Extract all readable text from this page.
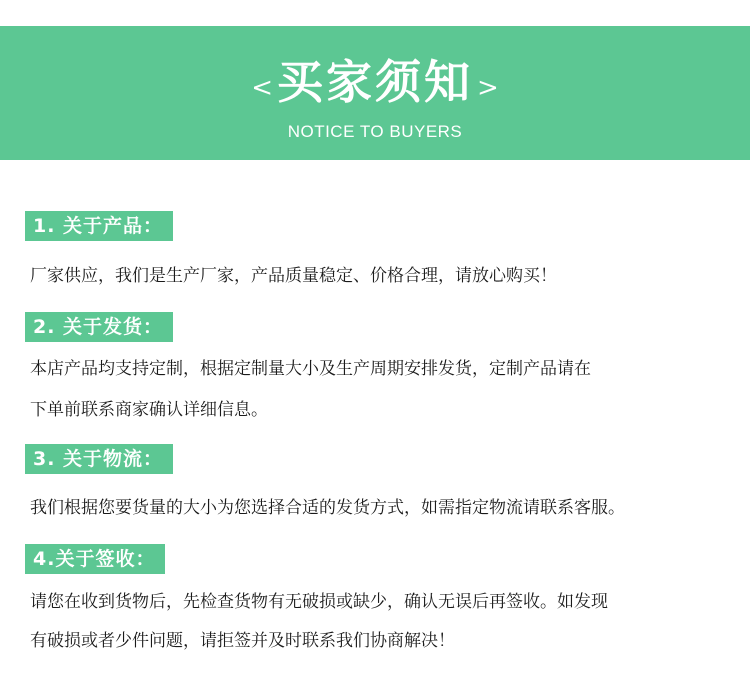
< 买家须知 >
NOTICE TO BUYERS
1. 关于产品：
厂家供应，我们是生产厂家，产品质量稳定、价格合理，请放心购买！
2. 关于发货：
本店产品均支持定制，根据定制量大小及生产周期安排发货，定制产品请在
下单前联系商家确认详细信息。
3. 关于物流：
我们根据您要货量的大小为您选择合适的发货方式，如需指定物流请联系客服。
4.关于签收：
请您在收到货物后，先检查货物有无破损或缺少，确认无误后再签收。如发现
有破损或者少件问题，请拒签并及时联系我们协商解决！
